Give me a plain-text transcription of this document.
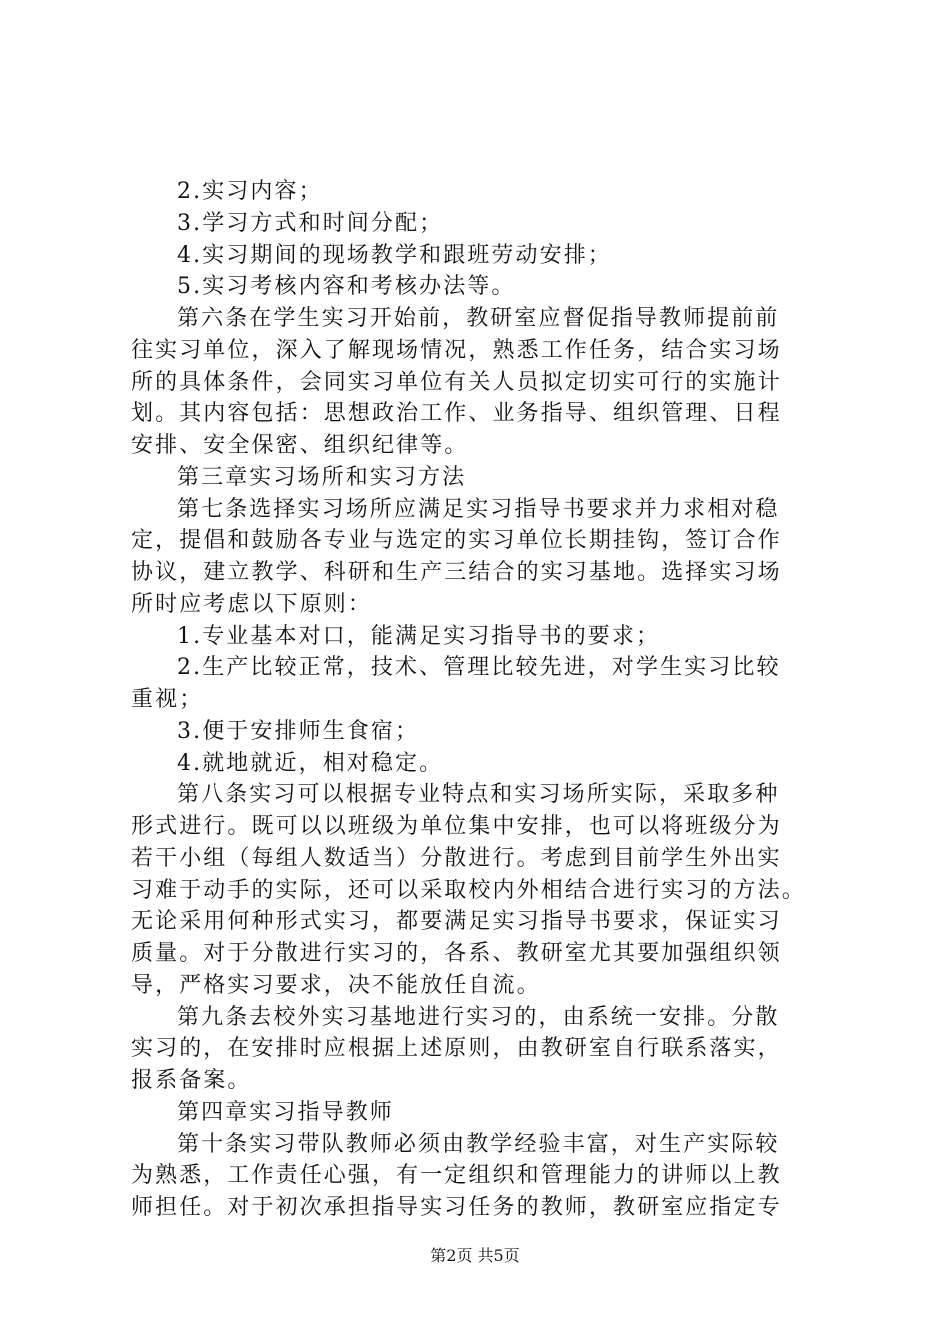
2.实习内容；
3.学习方式和时间分配；
4.实习期间的现场教学和跟班劳动安排；
5.实习考核内容和考核办法等。
第六条在学生实习开始前，教研室应督促指导教师提前前
往实习单位，深入了解现场情况，熟悉工作任务，结合实习场
所的具体条件，会同实习单位有关人员拟定切实可行的实施计
划。其内容包括：思想政治工作、业务指导、组织管理、日程
安排、安全保密、组织纪律等。
第三章实习场所和实习方法
第七条选择实习场所应满足实习指导书要求并力求相对稳
定，提倡和鼓励各专业与选定的实习单位长期挂钩，签订合作
协议，建立教学、科研和生产三结合的实习基地。选择实习场
所时应考虑以下原则：
1.专业基本对口，能满足实习指导书的要求；
2.生产比较正常，技术、管理比较先进，对学生实习比较
重视；
3.便于安排师生食宿；
4.就地就近，相对稳定。
第八条实习可以根据专业特点和实习场所实际，采取多种
形式进行。既可以以班级为单位集中安排，也可以将班级分为
若干小组（每组人数适当）分散进行。考虑到目前学生外出实
习难于动手的实际，还可以采取校内外相结合进行实习的方法。
无论采用何种形式实习，都要满足实习指导书要求，保证实习
质量。对于分散进行实习的，各系、教研室尤其要加强组织领
导，严格实习要求，决不能放任自流。
第九条去校外实习基地进行实习的，由系统一安排。分散
实习的，在安排时应根据上述原则，由教研室自行联系落实，
报系备案。
第四章实习指导教师
第十条实习带队教师必须由教学经验丰富，对生产实际较
为熟悉，工作责任心强，有一定组织和管理能力的讲师以上教
师担任。对于初次承担指导实习任务的教师，教研室应指定专
第2页 共5页
